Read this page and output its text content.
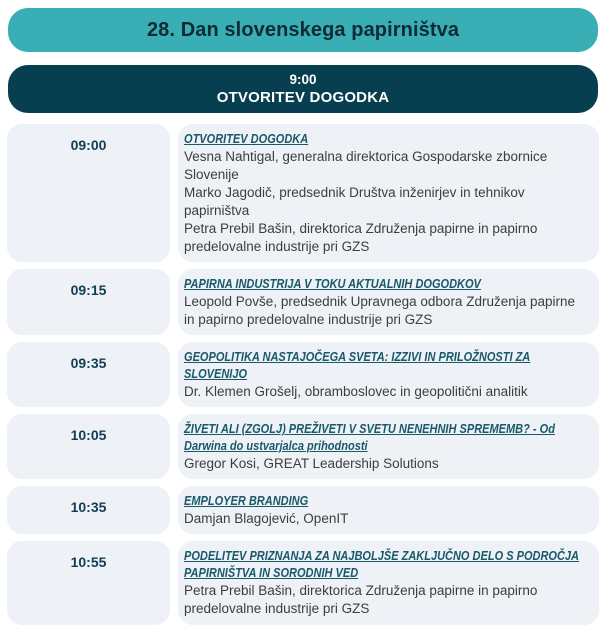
28. Dan slovenskega papirništva
9:00
OTVORITEV DOGODKA
09:00	OTVORITEV DOGODKA
Vesna Nahtigal, generalna direktorica Gospodarske zbornice Slovenije
Marko Jagodič, predsednik Društva inženirjev in tehnikov papirništva
Petra Prebil Bašin, direktorica Združenja papirne in papirno predelovalne industrije pri GZS
09:15	PAPIRNA INDUSTRIJA V TOKU AKTUALNIH DOGODKOV
Leopold Povše, predsednik Upravnega odbora Združenja papirne in papirno predelovalne industrije pri GZS
09:35	GEOPOLITIKA NASTAJOČEGA SVETA: IZZIVI IN PRILOŽNOSTI ZA SLOVENIJO
Dr. Klemen Grošelj, obramboslovec in geopolitični analitik
10:05	ŽIVETI ALI (ZGOLJ) PREŽIVETI V SVETU NENEHNIH SPREMEMB? - Od Darwina do ustvarjalca prihodnosti
Gregor Kosi, GREAT Leadership Solutions
10:35	EMPLOYER BRANDING
Damjan Blagojević, OpenIT
10:55	PODELITEV PRIZNANJA ZA NAJBOLJŠE ZAKLJUČNO DELO S PODROČJA PAPIRNIŠTVA IN SORODNIH VED
Petra Prebil Bašin, direktorica Združenja papirne in papirno predelovalne industrije pri GZS
